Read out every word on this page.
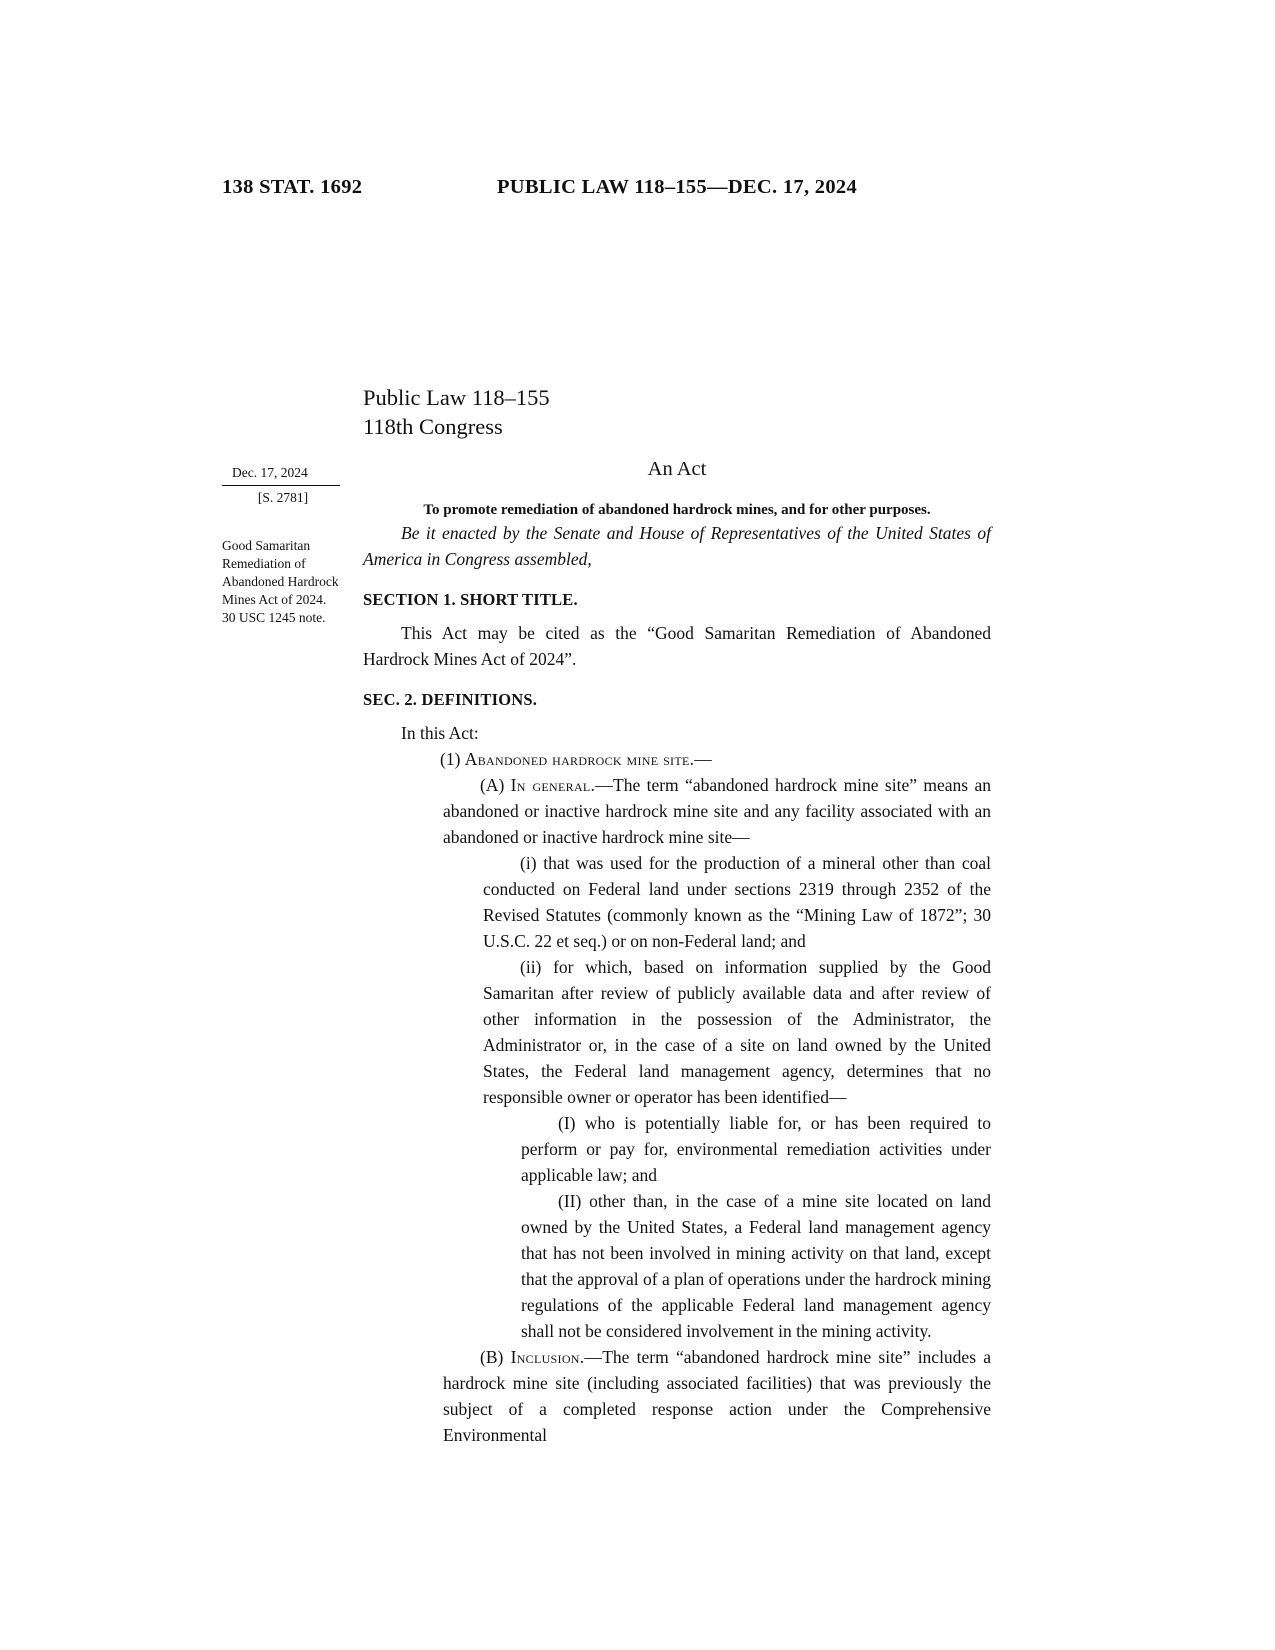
138 STAT. 1692	PUBLIC LAW 118–155—DEC. 17, 2024
Dec. 17, 2024
[S. 2781]
Good Samaritan Remediation of Abandoned Hardrock Mines Act of 2024.
30 USC 1245 note.
Public Law 118–155
118th Congress
An Act
To promote remediation of abandoned hardrock mines, and for other purposes.

Be it enacted by the Senate and House of Representatives of the United States of America in Congress assembled,

SECTION 1. SHORT TITLE.

This Act may be cited as the “Good Samaritan Remediation of Abandoned Hardrock Mines Act of 2024”.

SEC. 2. DEFINITIONS.

In this Act:

(1) Abandoned hardrock mine site.—

(A) In general.—The term “abandoned hardrock mine site” means an abandoned or inactive hardrock mine site and any facility associated with an abandoned or inactive hardrock mine site—

(i) that was used for the production of a mineral other than coal conducted on Federal land under sections 2319 through 2352 of the Revised Statutes (commonly known as the “Mining Law of 1872”; 30 U.S.C. 22 et seq.) or on non-Federal land; and

(ii) for which, based on information supplied by the Good Samaritan after review of publicly available data and after review of other information in the possession of the Administrator, the Administrator or, in the case of a site on land owned by the United States, the Federal land management agency, determines that no responsible owner or operator has been identified—

(I) who is potentially liable for, or has been required to perform or pay for, environmental remediation activities under applicable law; and

(II) other than, in the case of a mine site located on land owned by the United States, a Federal land management agency that has not been involved in mining activity on that land, except that the approval of a plan of operations under the hardrock mining regulations of the applicable Federal land management agency shall not be considered involvement in the mining activity.

(B) Inclusion.—The term “abandoned hardrock mine site” includes a hardrock mine site (including associated facilities) that was previously the subject of a completed response action under the Comprehensive Environmental
